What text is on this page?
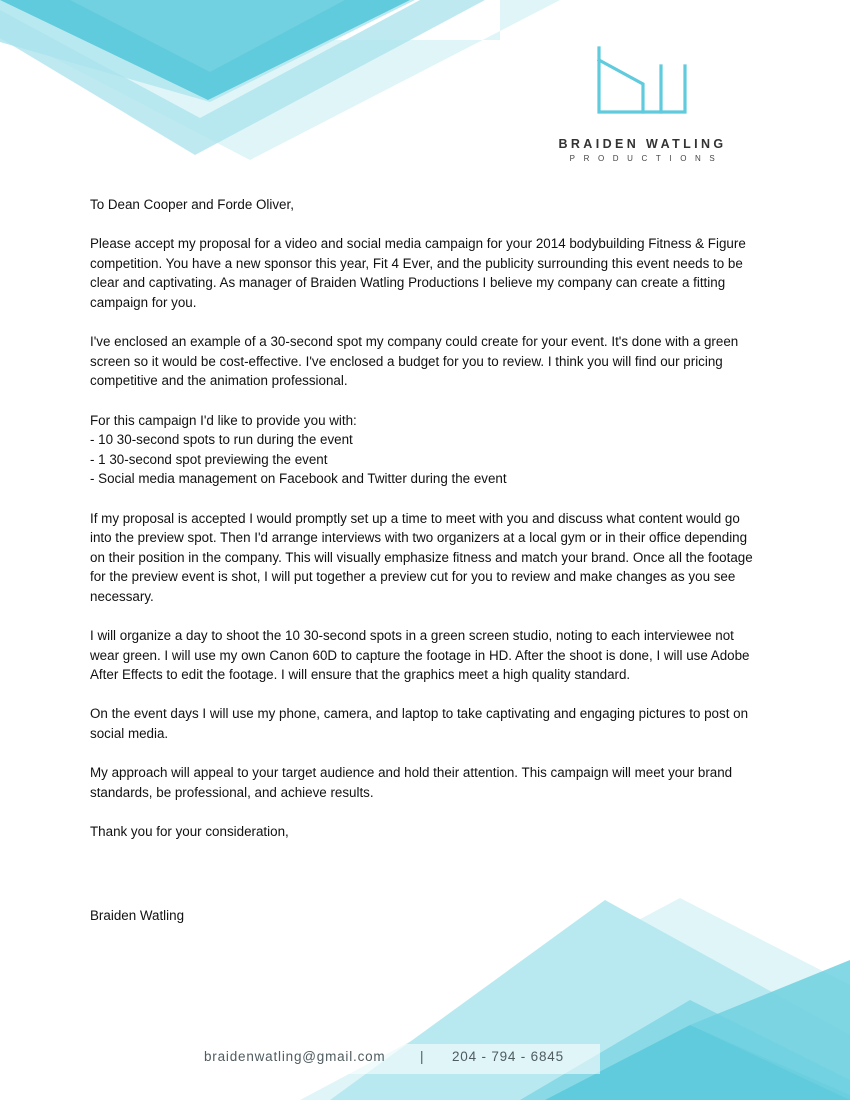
BRAIDEN WATLING
PRODUCTIONS

To Dean Cooper and Forde Oliver,

Please accept my proposal for a video and social media campaign for your 2014 bodybuilding Fitness & Figure competition. You have a new sponsor this year, Fit 4 Ever, and the publicity surrounding this event needs to be clear and captivating. As manager of Braiden Watling Productions I believe my company can create a fitting campaign for you.

I've enclosed an example of a 30-second spot my company could create for your event. It's done with a green screen so it would be cost-effective. I've enclosed a budget for you to review. I think you will find our pricing competitive and the animation professional.

For this campaign I'd like to provide you with:
- 10 30-second spots to run during the event
- 1 30-second spot previewing the event
- Social media management on Facebook and Twitter during the event

If my proposal is accepted I would promptly set up a time to meet with you and discuss what content would go into the preview spot. Then I'd arrange interviews with two organizers at a local gym or in their office depending on their position in the company. This will visually emphasize fitness and match your brand. Once all the footage for the preview event is shot, I will put together a preview cut for you to review and make changes as you see necessary.

I will organize a day to shoot the 10 30-second spots in a green screen studio, noting to each interviewee not wear green. I will use my own Canon 60D to capture the footage in HD. After the shoot is done, I will use Adobe After Effects to edit the footage. I will ensure that the graphics meet a high quality standard.

On the event days I will use my phone, camera, and laptop to take captivating and engaging pictures to post on social media.

My approach will appeal to your target audience and hold their attention. This campaign will meet your brand standards, be professional, and achieve results.

Thank you for your consideration,

Braiden Watling
braidenwatling@gmail.com	| 204 - 794 - 6845
